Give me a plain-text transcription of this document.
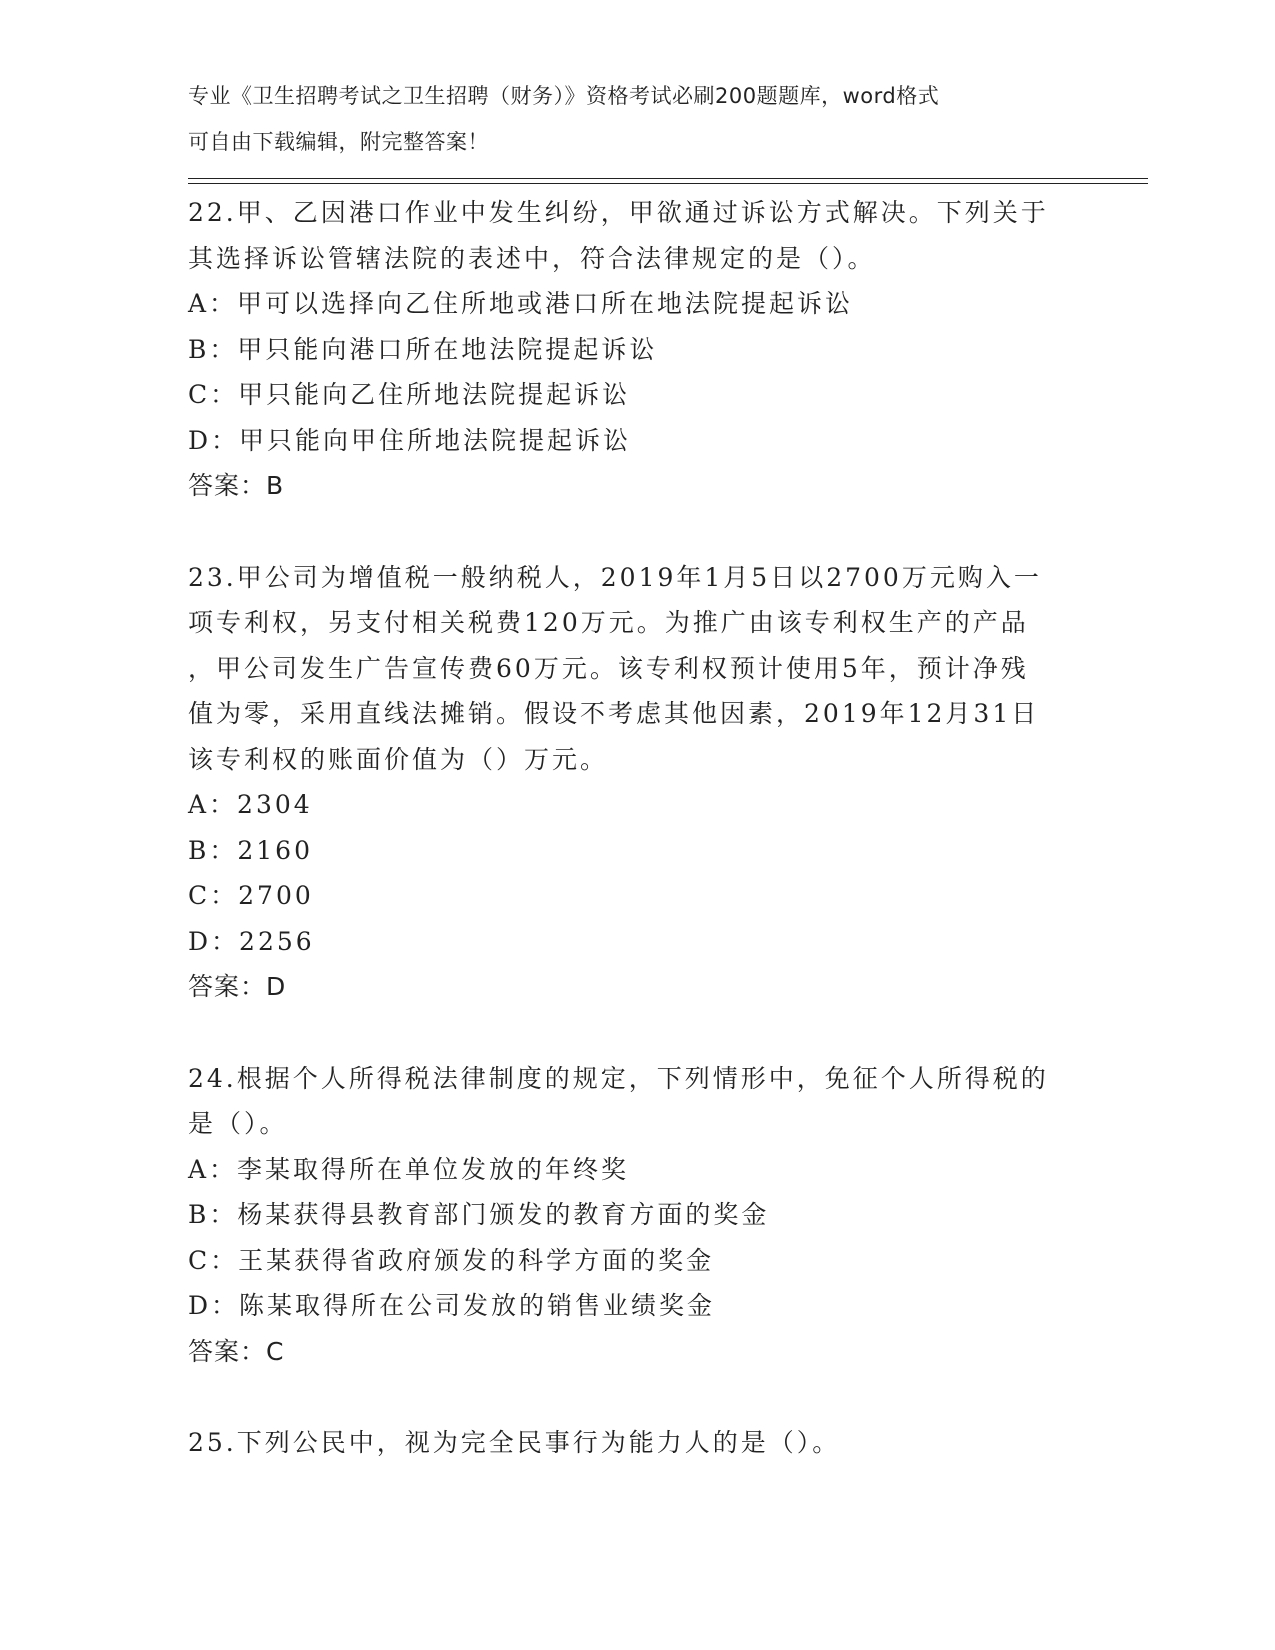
专业《卫生招聘考试之卫生招聘（财务）》资格考试必刷200题题库，word格式
可自由下载编辑，附完整答案！
22.甲、乙因港口作业中发生纠纷，甲欲通过诉讼方式解决。下列关于
其选择诉讼管辖法院的表述中，符合法律规定的是（）。
A：甲可以选择向乙住所地或港口所在地法院提起诉讼
B：甲只能向港口所在地法院提起诉讼
C：甲只能向乙住所地法院提起诉讼
D：甲只能向甲住所地法院提起诉讼
答案：B
23.甲公司为增值税一般纳税人，2019年1月5日以2700万元购入一
项专利权，另支付相关税费120万元。为推广由该专利权生产的产品
，甲公司发生广告宣传费60万元。该专利权预计使用5年，预计净残
值为零，采用直线法摊销。假设不考虑其他因素，2019年12月31日
该专利权的账面价值为（）万元。
A：2304
B：2160
C：2700
D：2256
答案：D
24.根据个人所得税法律制度的规定，下列情形中，免征个人所得税的
是（）。
A：李某取得所在单位发放的年终奖
B：杨某获得县教育部门颁发的教育方面的奖金
C：王某获得省政府颁发的科学方面的奖金
D：陈某取得所在公司发放的销售业绩奖金
答案：C
25.下列公民中，视为完全民事行为能力人的是（）。
